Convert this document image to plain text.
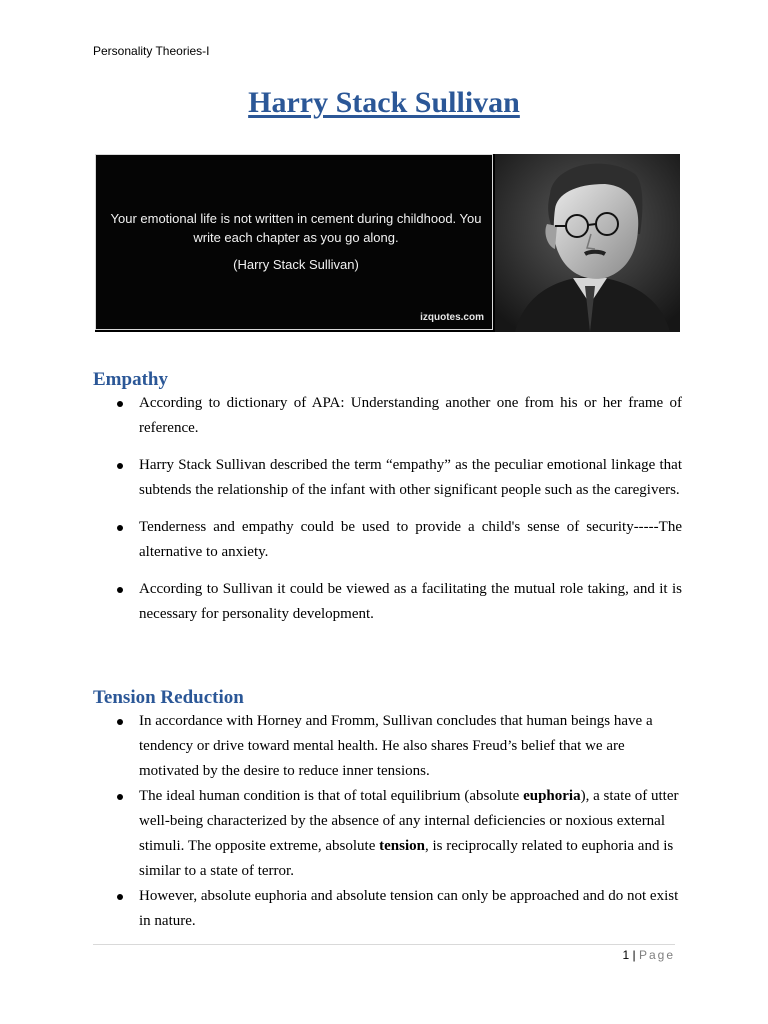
Personality Theories-I
Harry Stack Sullivan
Your emotional life is not written in cement during childhood. You
write each chapter as you go along.
(Harry Stack Sullivan)
izquotes.com
Empathy
According to dictionary of APA: Understanding another one from his or her frame of reference.
Harry Stack Sullivan described the term “empathy” as the peculiar emotional linkage that subtends the relationship of the infant with other significant people such as the caregivers.
Tenderness and empathy could be used to provide a child's sense of security-----The alternative to anxiety.
According to Sullivan it could be viewed as a facilitating the mutual role taking, and it is necessary for personality development.
Tension Reduction
In accordance with Horney and Fromm, Sullivan concludes that human beings have a tendency or drive toward mental health. He also shares Freud’s belief that we are motivated by the desire to reduce inner tensions.
The ideal human condition is that of total equilibrium (absolute euphoria), a state of utter well-being characterized by the absence of any internal deficiencies or noxious external stimuli. The opposite extreme, absolute tension, is reciprocally related to euphoria and is similar to a state of terror.
However, absolute euphoria and absolute tension can only be approached and do not exist in nature.
1 | Page
